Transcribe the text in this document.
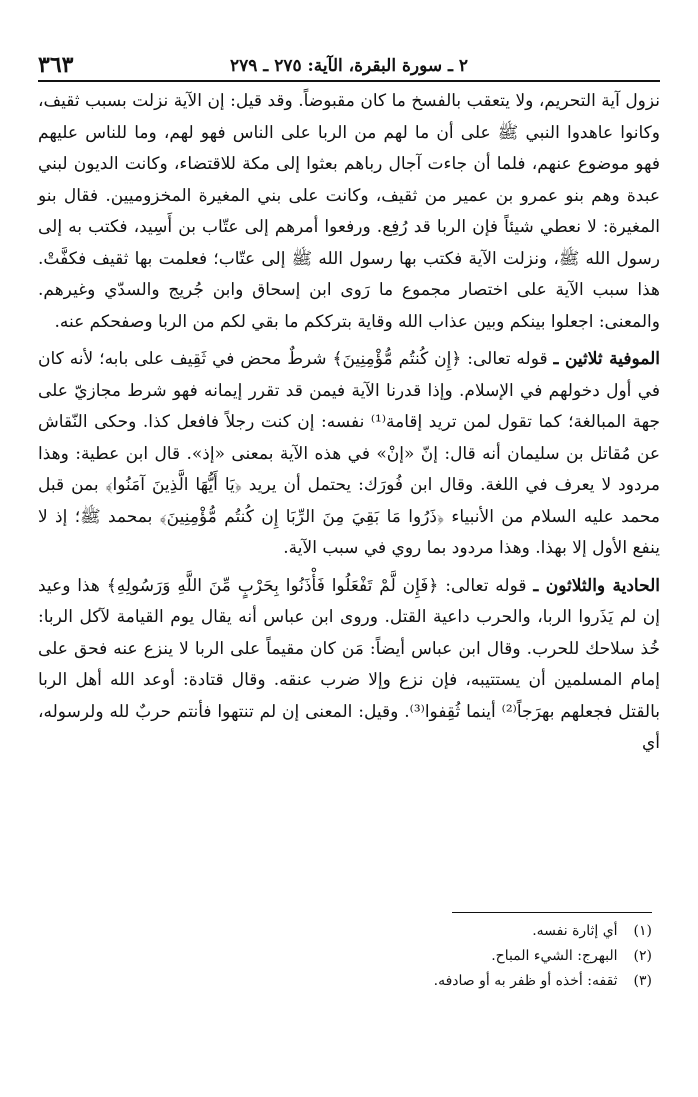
٢ ـ سورة البقرة، الآية: ٢٧٥ ـ ٢٧٩
٣٦٣

نزول آية التحريم، ولا يتعقب بالفسخ ما كان مقبوضاً. وقد قيل: إن الآية نزلت بسبب ثقيف، وكانوا عاهدوا النبي ﷺ على أن ما لهم من الربا على الناس فهو لهم، وما للناس عليهم فهو موضوع عنهم، فلما أن جاءت آجال رباهم بعثوا إلى مكة للاقتضاء، وكانت الديون لبني عبدة وهم بنو عمرو بن عمير من ثقيف، وكانت على بني المغيرة المخزوميين. فقال بنو المغيرة: لا نعطي شيئاً فإن الربا قد رُفِع. ورفعوا أمرهم إلى عتّاب بن أَسِيد، فكتب به إلى رسول الله ﷺ، ونزلت الآية فكتب بها رسول الله ﷺ إلى عتّاب؛ فعلمت بها ثقيف فكفَّتْ. هذا سبب الآية على اختصار مجموع ما رَوى ابن إسحاق وابن جُريج والسدّي وغيرهم. والمعنى: اجعلوا بينكم وبين عذاب الله وقاية بترككم ما بقي لكم من الربا وصفحكم عنه.

الموفية ثلاثين ـ قوله تعالى: ﴿إِن كُنتُم مُّؤْمِنِينَ﴾ شرطٌ محض في ثَقِيف على بابه؛ لأنه كان في أول دخولهم في الإسلام. وإذا قدرنا الآية فيمن قد تقرر إيمانه فهو شرط مجازيّ على جهة المبالغة؛ كما تقول لمن تريد إقامة⁽¹⁾ نفسه: إن كنت رجلاً فافعل كذا. وحكى النّقاش عن مُقاتل بن سليمان أنه قال: إنّ «إنْ» في هذه الآية بمعنى «إذ». قال ابن عطية: وهذا مردود لا يعرف في اللغة. وقال ابن فُورَك: يحتمل أن يريد ﴿يَا أَيُّهَا الَّذِينَ آمَنُوا﴾ بمن قبل محمد عليه السلام من الأنبياء ﴿ذَرُوا مَا بَقِيَ مِنَ الرِّبَا إِن كُنتُم مُّؤْمِنِينَ﴾ بمحمد ﷺ؛ إذ لا ينفع الأول إلا بهذا. وهذا مردود بما روي في سبب الآية.

الحادية والثلاثون ـ قوله تعالى: ﴿فَإِن لَّمْ تَفْعَلُوا فَأْذَنُوا بِحَرْبٍ مِّنَ اللَّهِ وَرَسُولِهِ﴾ هذا وعيد إن لم يَذَروا الربا، والحرب داعية القتل. وروى ابن عباس أنه يقال يوم القيامة لآكل الربا: خُذ سلاحك للحرب. وقال ابن عباس أيضاً: مَن كان مقيماً على الربا لا ينزع عنه فحق على إمام المسلمين أن يستتيبه، فإن نزع وإلا ضرب عنقه. وقال قتادة: أوعد الله أهل الربا بالقتل فجعلهم بهرَجاً⁽²⁾ أينما ثُقِفوا⁽³⁾. وقيل: المعنى إن لم تنتهوا فأنتم حربٌ لله ولرسوله، أي

(١) أي إثارة نفسه.

(٢) البهرج: الشيء المباح.

(٣) ثقفه: أخذه أو ظفر به أو صادفه.
